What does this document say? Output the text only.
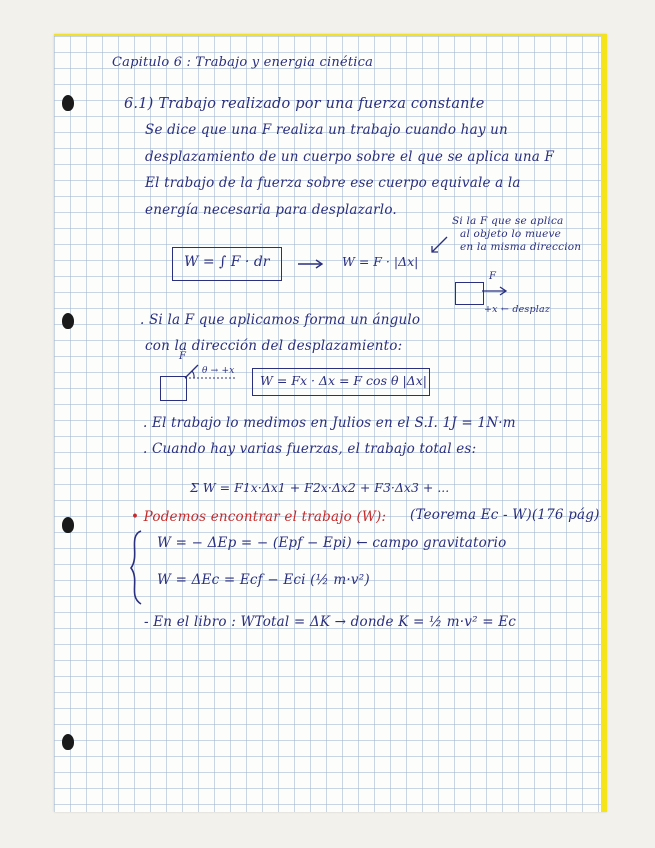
Capitulo 6 : Trabajo y energia cinética
6.1) Trabajo realizado por una fuerza constante
Se dice que una F realiza un trabajo cuando hay un
desplazamiento de un cuerpo sobre el que se aplica una F
El trabajo de la fuerza sobre ese cuerpo equivale a la
energía necesaria para desplazarlo.
Si la F que se aplica
al objeto lo mueve
en la misma direccion
W = ∫ F · dr	W = F · |Δx|
F
+x ← desplaz
. Si la F que aplicamos forma un ángulo
con la dirección del desplazamiento:
F
θ → +x
W = Fx · Δx = F cos θ |Δx|
. El trabajo lo medimos en Julios en el S.I. 1J = 1N·m
. Cuando hay varias fuerzas, el trabajo total es:
Σ W = F1x·Δx1 + F2x·Δx2 + F3·Δx3 + ...
• Podemos encontrar el trabajo (W): (Teorema Ec - W)(176 pág)
W = − ΔEp = − (Epf − Epi) ← campo gravitatorio
W = ΔEc = Ecf − Eci (½ m·v²)
- En el libro : WTotal = ΔK → donde K = ½ m·v² = Ec
